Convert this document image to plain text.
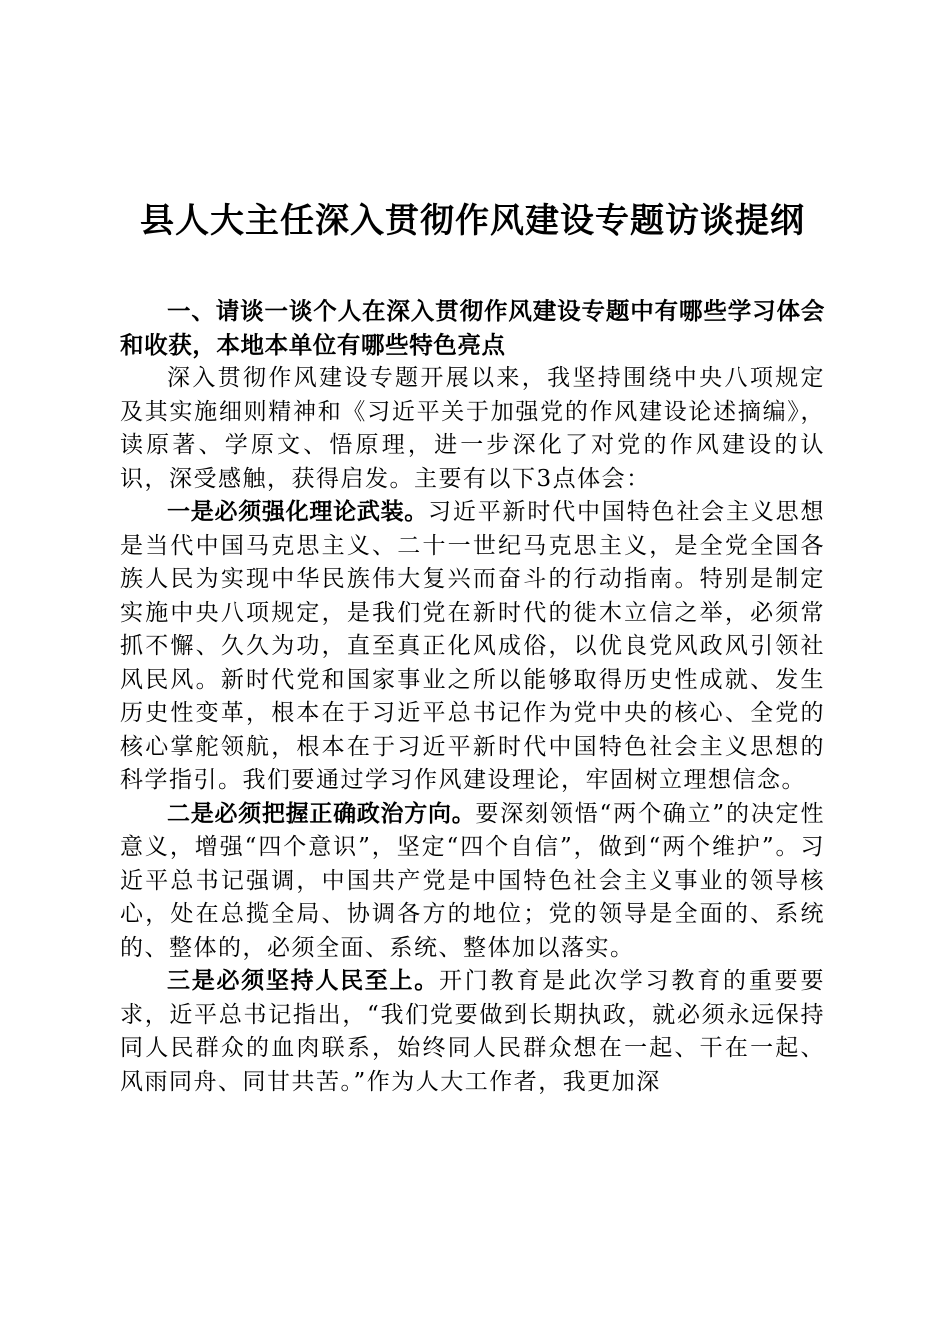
县人大主任深入贯彻作风建设专题访谈提纲

一、请谈一谈个人在深入贯彻作风建设专题中有哪些学习体会和收获，本地本单位有哪些特色亮点

深入贯彻作风建设专题开展以来，我坚持围绕中央八项规定及其实施细则精神和《习近平关于加强党的作风建设论述摘编》，读原著、学原文、悟原理，进一步深化了对党的作风建设的认识，深受感触，获得启发。主要有以下3点体会：

一是必须强化理论武装。习近平新时代中国特色社会主义思想是当代中国马克思主义、二十一世纪马克思主义，是全党全国各族人民为实现中华民族伟大复兴而奋斗的行动指南。特别是制定实施中央八项规定，是我们党在新时代的徙木立信之举，必须常抓不懈、久久为功，直至真正化风成俗，以优良党风政风引领社风民风。新时代党和国家事业之所以能够取得历史性成就、发生历史性变革，根本在于习近平总书记作为党中央的核心、全党的核心掌舵领航，根本在于习近平新时代中国特色社会主义思想的科学指引。我们要通过学习作风建设理论，牢固树立理想信念。

二是必须把握正确政治方向。要深刻领悟“两个确立”的决定性意义，增强“四个意识”，坚定“四个自信”，做到“两个维护”。习近平总书记强调，中国共产党是中国特色社会主义事业的领导核心，处在总揽全局、协调各方的地位；党的领导是全面的、系统的、整体的，必须全面、系统、整体加以落实。

三是必须坚持人民至上。开门教育是此次学习教育的重要要求，近平总书记指出，“我们党要做到长期执政，就必须永远保持同人民群众的血肉联系，始终同人民群众想在一起、干在一起、风雨同舟、同甘共苦。”作为人大工作者，我更加深
